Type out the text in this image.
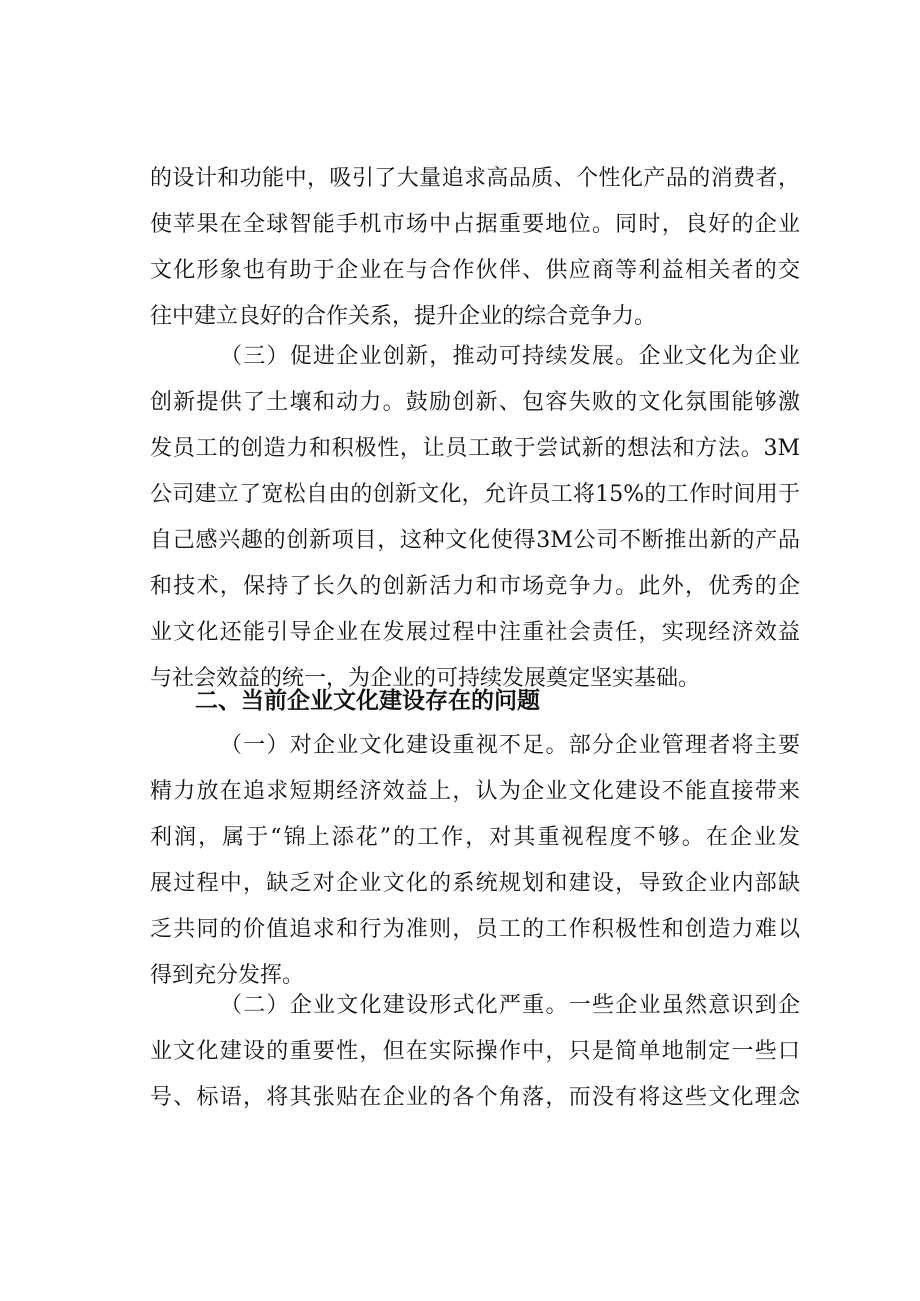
的设计和功能中，吸引了大量追求高品质、个性化产品的消费者，
使苹果在全球智能手机市场中占据重要地位。同时，良好的企业
文化形象也有助于企业在与合作伙伴、供应商等利益相关者的交
往中建立良好的合作关系，提升企业的综合竞争力。
（三）促进企业创新，推动可持续发展。企业文化为企业
创新提供了土壤和动力。鼓励创新、包容失败的文化氛围能够激
发员工的创造力和积极性，让员工敢于尝试新的想法和方法。3M
公司建立了宽松自由的创新文化，允许员工将15%的工作时间用于
自己感兴趣的创新项目，这种文化使得3M公司不断推出新的产品
和技术，保持了长久的创新活力和市场竞争力。此外，优秀的企
业文化还能引导企业在发展过程中注重社会责任，实现经济效益
与社会效益的统一，为企业的可持续发展奠定坚实基础。
二、当前企业文化建设存在的问题
（一）对企业文化建设重视不足。部分企业管理者将主要
精力放在追求短期经济效益上，认为企业文化建设不能直接带来
利润，属于“锦上添花”的工作，对其重视程度不够。在企业发
展过程中，缺乏对企业文化的系统规划和建设，导致企业内部缺
乏共同的价值追求和行为准则，员工的工作积极性和创造力难以
得到充分发挥。
（二）企业文化建设形式化严重。一些企业虽然意识到企
业文化建设的重要性，但在实际操作中，只是简单地制定一些口
号、标语，将其张贴在企业的各个角落，而没有将这些文化理念
